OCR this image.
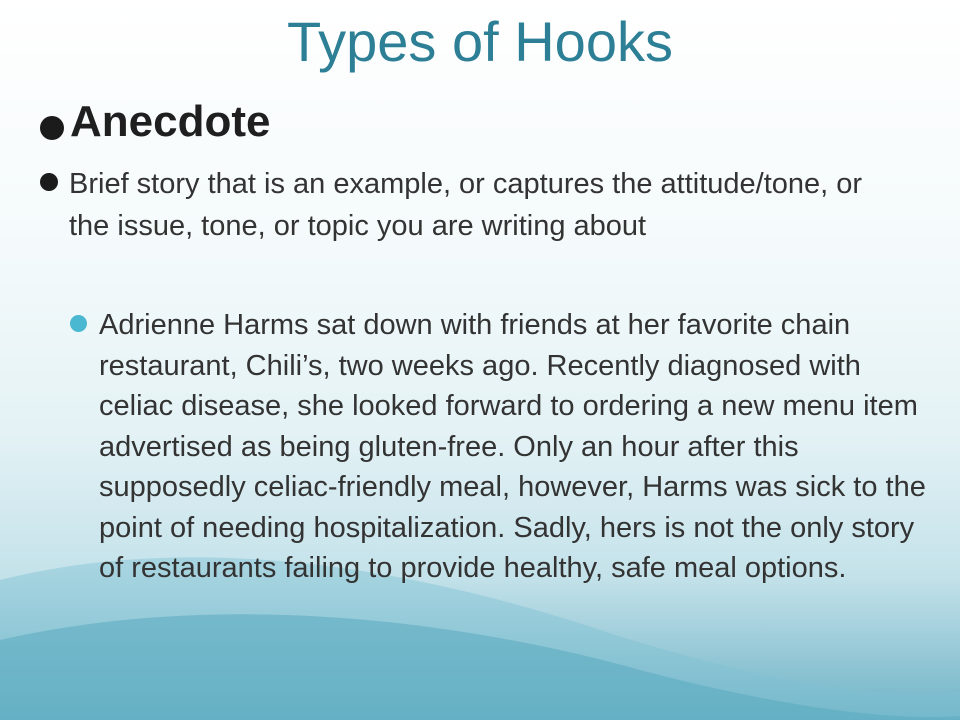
Types of Hooks
Anecdote
Brief story that is an example, or captures the attitude/tone, or the issue, tone, or topic you are writing about
Adrienne Harms sat down with friends at her favorite chain restaurant, Chili’s, two weeks ago. Recently diagnosed with celiac disease, she looked forward to ordering a new menu item advertised as being gluten-free. Only an hour after this supposedly celiac-friendly meal, however, Harms was sick to the point of needing hospitalization. Sadly, hers is not the only story of restaurants failing to provide healthy, safe meal options.
